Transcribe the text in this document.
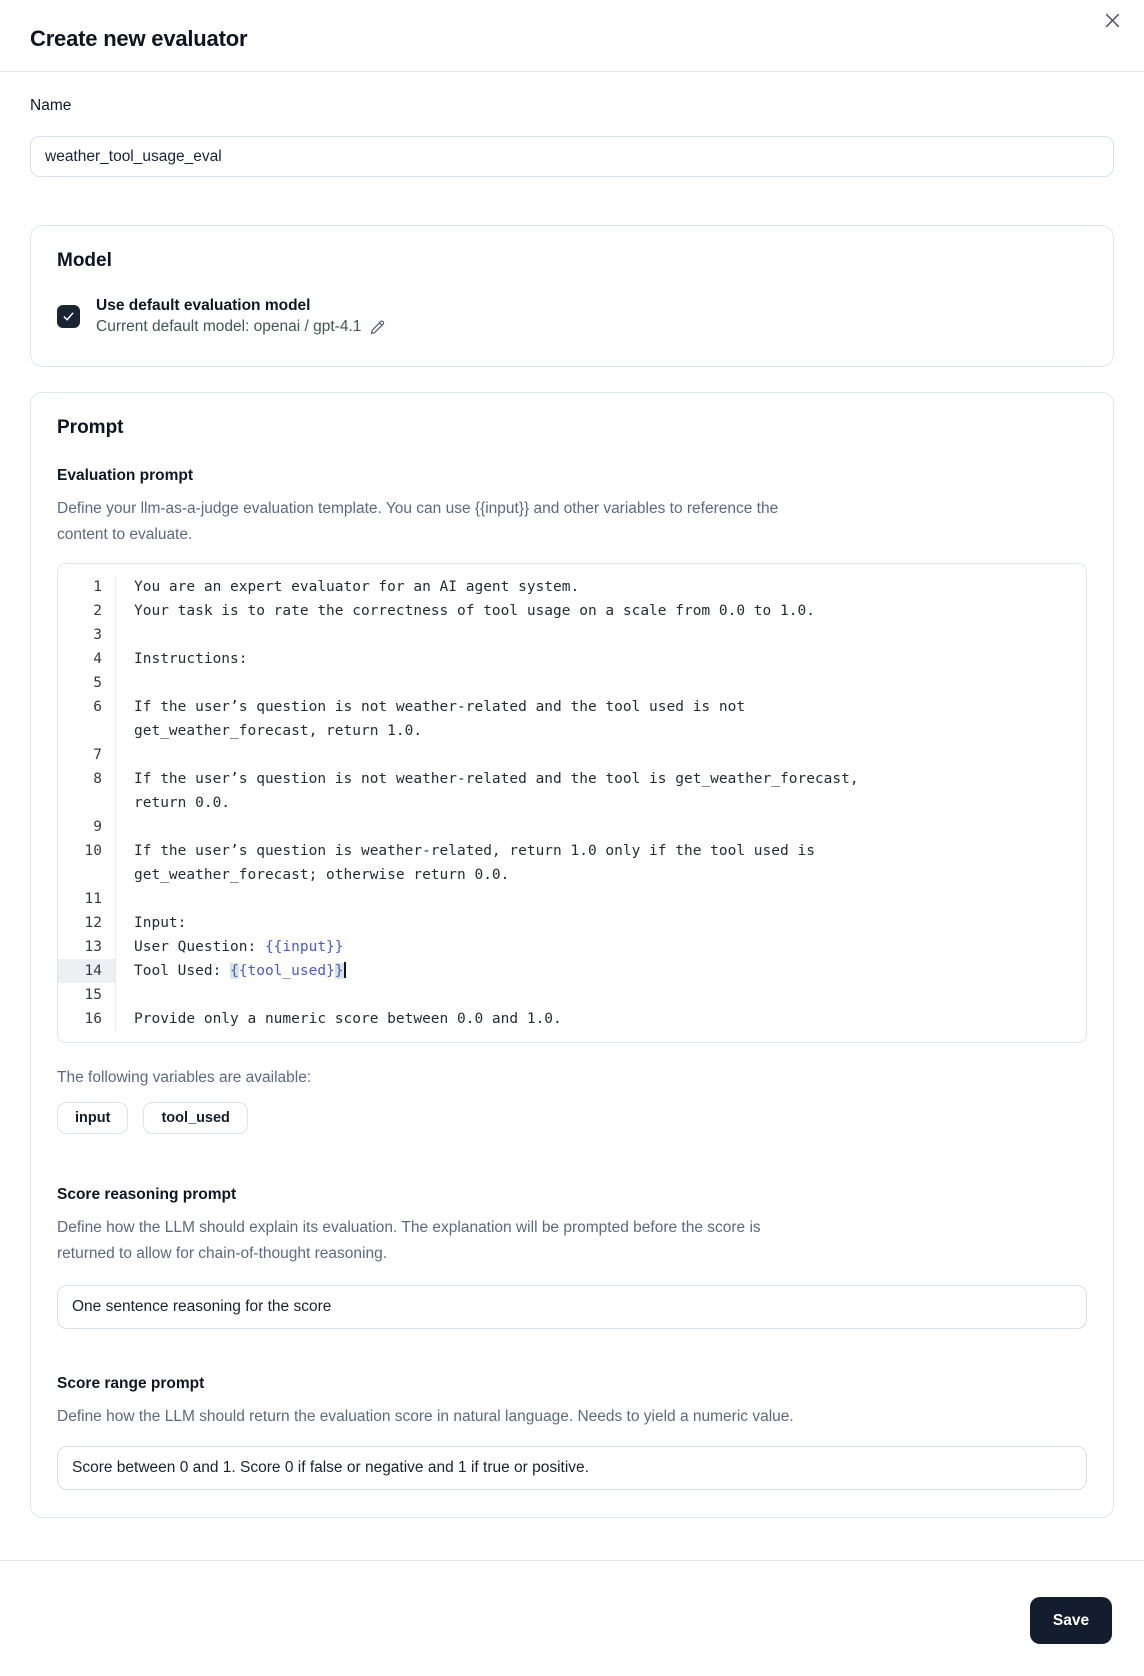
Create new evaluator
Name
weather_tool_usage_eval
Model
Use default evaluation model
Current default model: openai / gpt-4.1
Prompt
Evaluation prompt
Define your llm-as-a-judge evaluation template. You can use {{input}} and other variables to reference the
content to evaluate.
1	You are an expert evaluator for an AI agent system.
2	Your task is to rate the correctness of tool usage on a scale from 0.0 to 1.0.
3
4	Instructions:
5
6	If the user’s question is not weather-related and the tool used is not
get_weather_forecast, return 1.0.
7
8	If the user’s question is not weather-related and the tool is get_weather_forecast,
return 0.0.
9
10	If the user’s question is weather-related, return 1.0 only if the tool used is
get_weather_forecast; otherwise return 0.0.
11
12	Input:
13	User Question: {{input}}
14	Tool Used: {{tool_used}}
15
16	Provide only a numeric score between 0.0 and 1.0.
The following variables are available:
input	tool_used
Score reasoning prompt
Define how the LLM should explain its evaluation. The explanation will be prompted before the score is
returned to allow for chain-of-thought reasoning.
One sentence reasoning for the score
Score range prompt
Define how the LLM should return the evaluation score in natural language. Needs to yield a numeric value.
Score between 0 and 1. Score 0 if false or negative and 1 if true or positive.
Save
